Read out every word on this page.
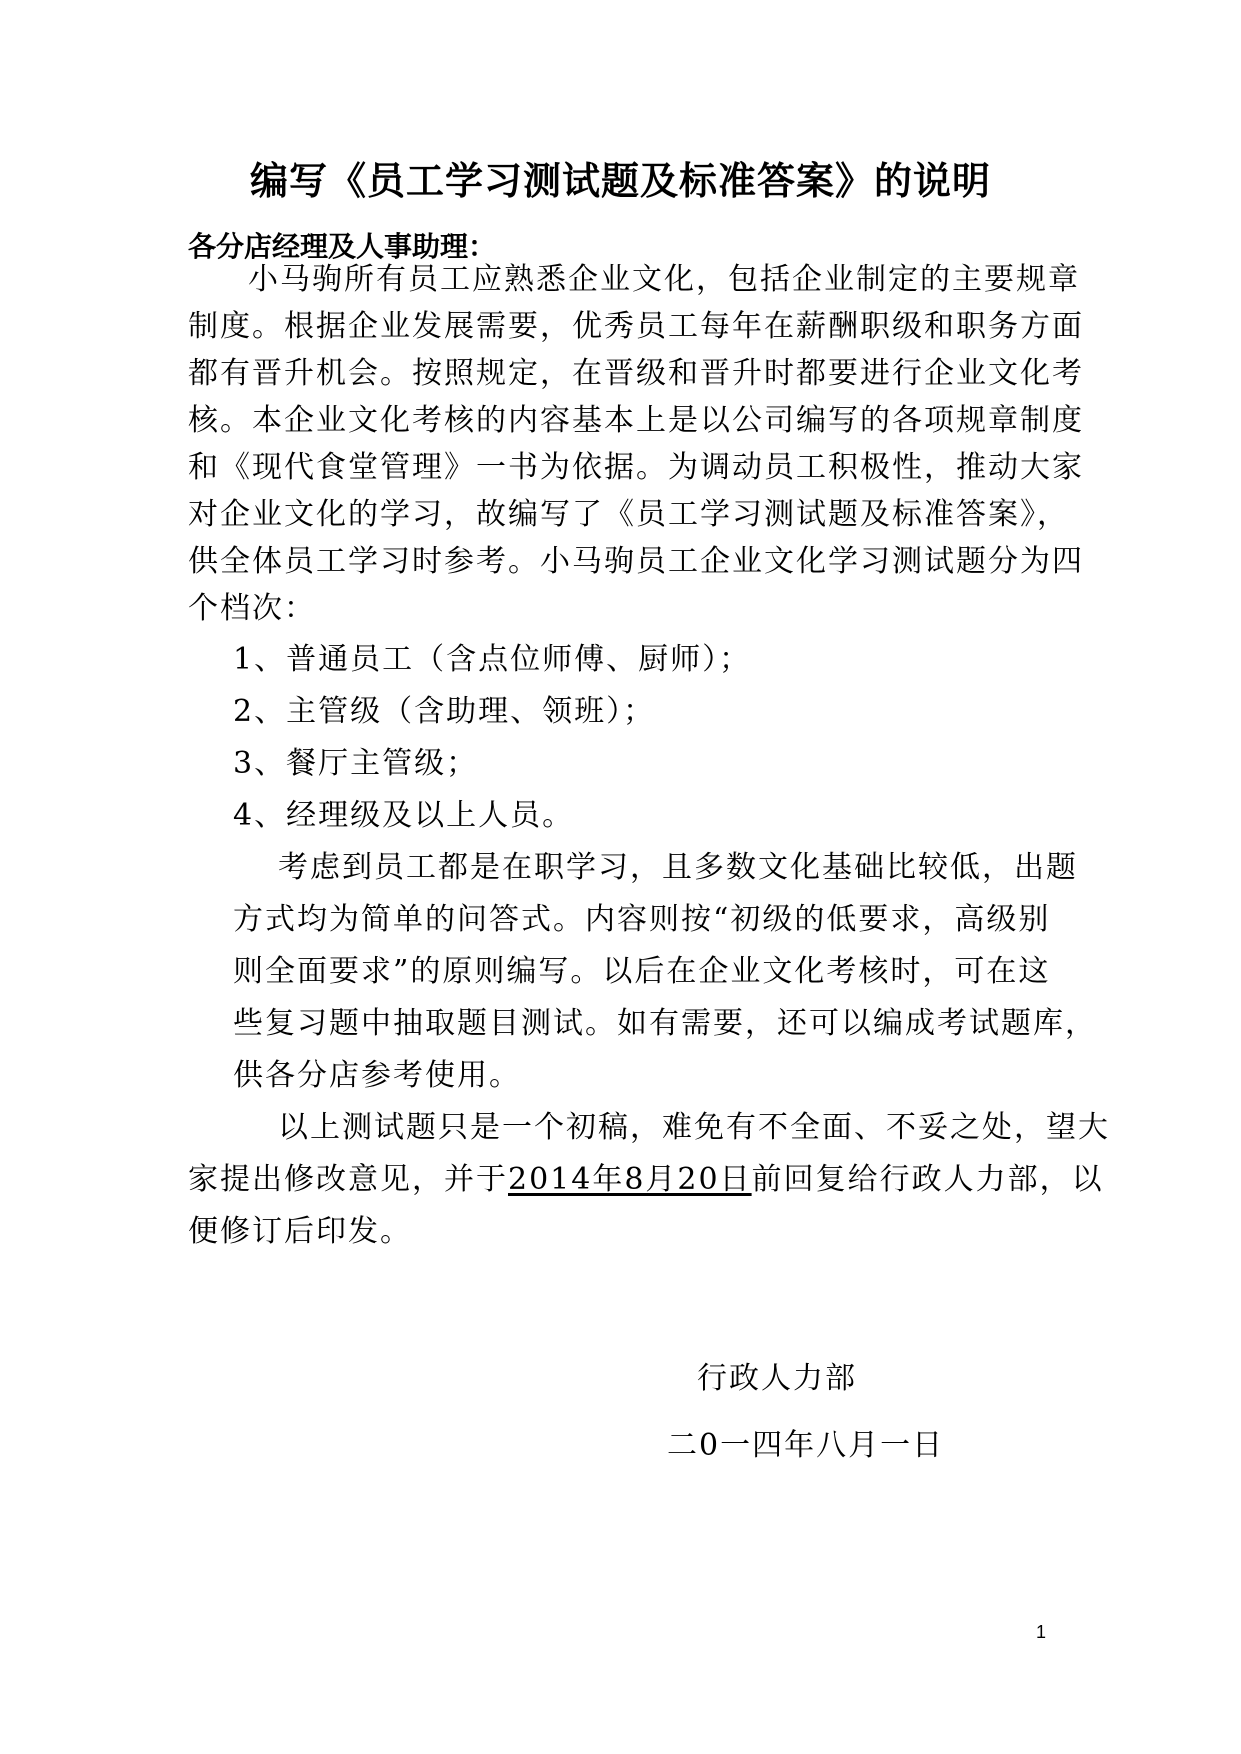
编写《员工学习测试题及标准答案》的说明
各分店经理及人事助理：
小马驹所有员工应熟悉企业文化，包括企业制定的主要规章
制度。根据企业发展需要，优秀员工每年在薪酬职级和职务方面
都有晋升机会。按照规定，在晋级和晋升时都要进行企业文化考
核。本企业文化考核的内容基本上是以公司编写的各项规章制度
和《现代食堂管理》一书为依据。为调动员工积极性，推动大家
对企业文化的学习，故编写了《员工学习测试题及标准答案》，
供全体员工学习时参考。小马驹员工企业文化学习测试题分为四
个档次：
1、普通员工（含点位师傅、厨师）；
2、主管级（含助理、领班）；
3、餐厅主管级；
4、经理级及以上人员。
考虑到员工都是在职学习，且多数文化基础比较低，出题
方式均为简单的问答式。内容则按“初级的低要求，高级别
则全面要求”的原则编写。以后在企业文化考核时，可在这
些复习题中抽取题目测试。如有需要，还可以编成考试题库，
供各分店参考使用。
以上测试题只是一个初稿，难免有不全面、不妥之处，望大
家提出修改意见，并于2014年8月20日前回复给行政人力部，以
便修订后印发。
行政人力部
二0一四年八月一日
1
